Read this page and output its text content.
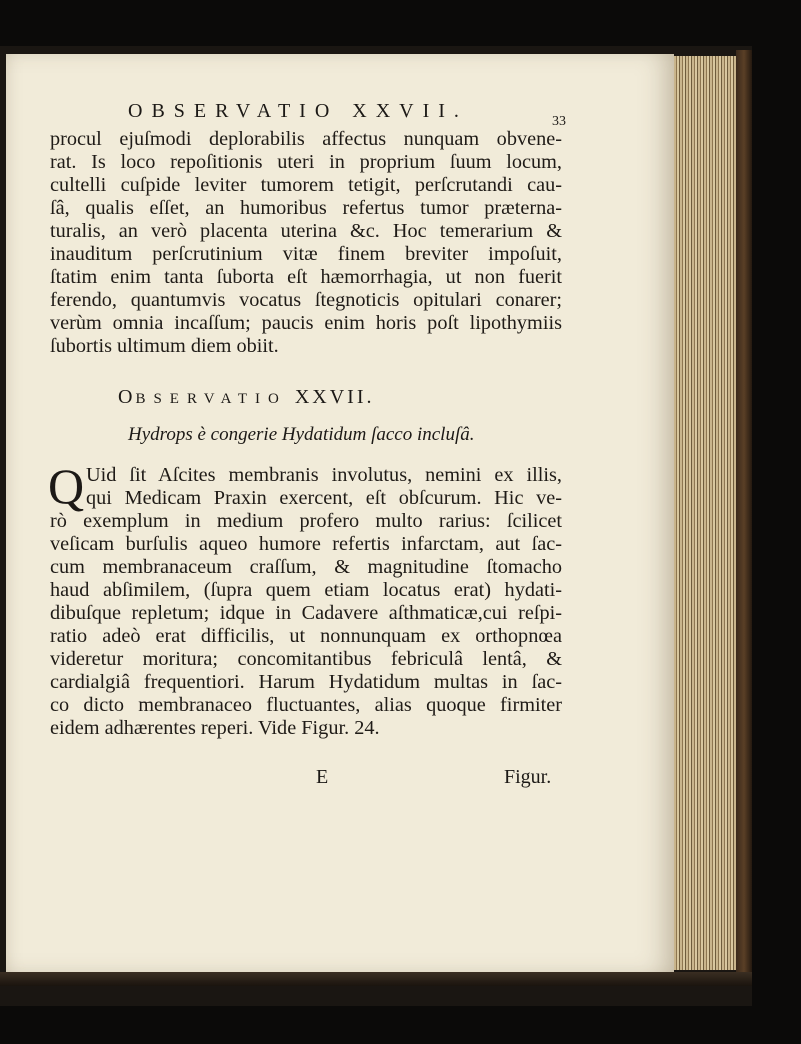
OBSERVATIO XXVII.	33
procul ejuſmodi deplorabilis affectus nunquam obvene-
rat. Is loco repoſitionis uteri in proprium ſuum locum,
cultelli cuſpide leviter tumorem tetigit, perſcrutandi cau-
ſâ, qualis eſſet, an humoribus refertus tumor præterna-
turalis, an verò placenta uterina &c. Hoc temerarium &
inauditum perſcrutinium vitæ finem breviter impoſuit,
ſtatim enim tanta ſuborta eſt hæmorrhagia, ut non fuerit
ferendo, quantumvis vocatus ſtegnoticis opitulari conarer;
verùm omnia incaſſum; paucis enim horis poſt lipothymiis
ſubortis ultimum diem obiit.
OBSERVATIO XXVII.
Hydrops è congerie Hydatidum ſacco incluſâ.
Q Uid ſit Aſcites membranis involutus, nemini ex illis,
qui Medicam Praxin exercent, eſt obſcurum. Hic ve-
rò exemplum in medium profero multo rarius: ſcilicet
veſicam burſulis aqueo humore refertis infarctam, aut ſac-
cum membranaceum craſſum, & magnitudine ſtomacho
haud abſimilem, (ſupra quem etiam locatus erat) hydati-
dibuſque repletum; idque in Cadavere aſthmaticæ,cui reſpi-
ratio adeò erat difficilis, ut nonnunquam ex orthopnœa
videretur moritura; concomitantibus febriculâ lentâ, &
cardialgiâ frequentiori. Harum Hydatidum multas in ſac-
co dicto membranaceo fluctuantes, alias quoque firmiter
eidem adhærentes reperi. Vide Figur. 24.
E	Figur.
